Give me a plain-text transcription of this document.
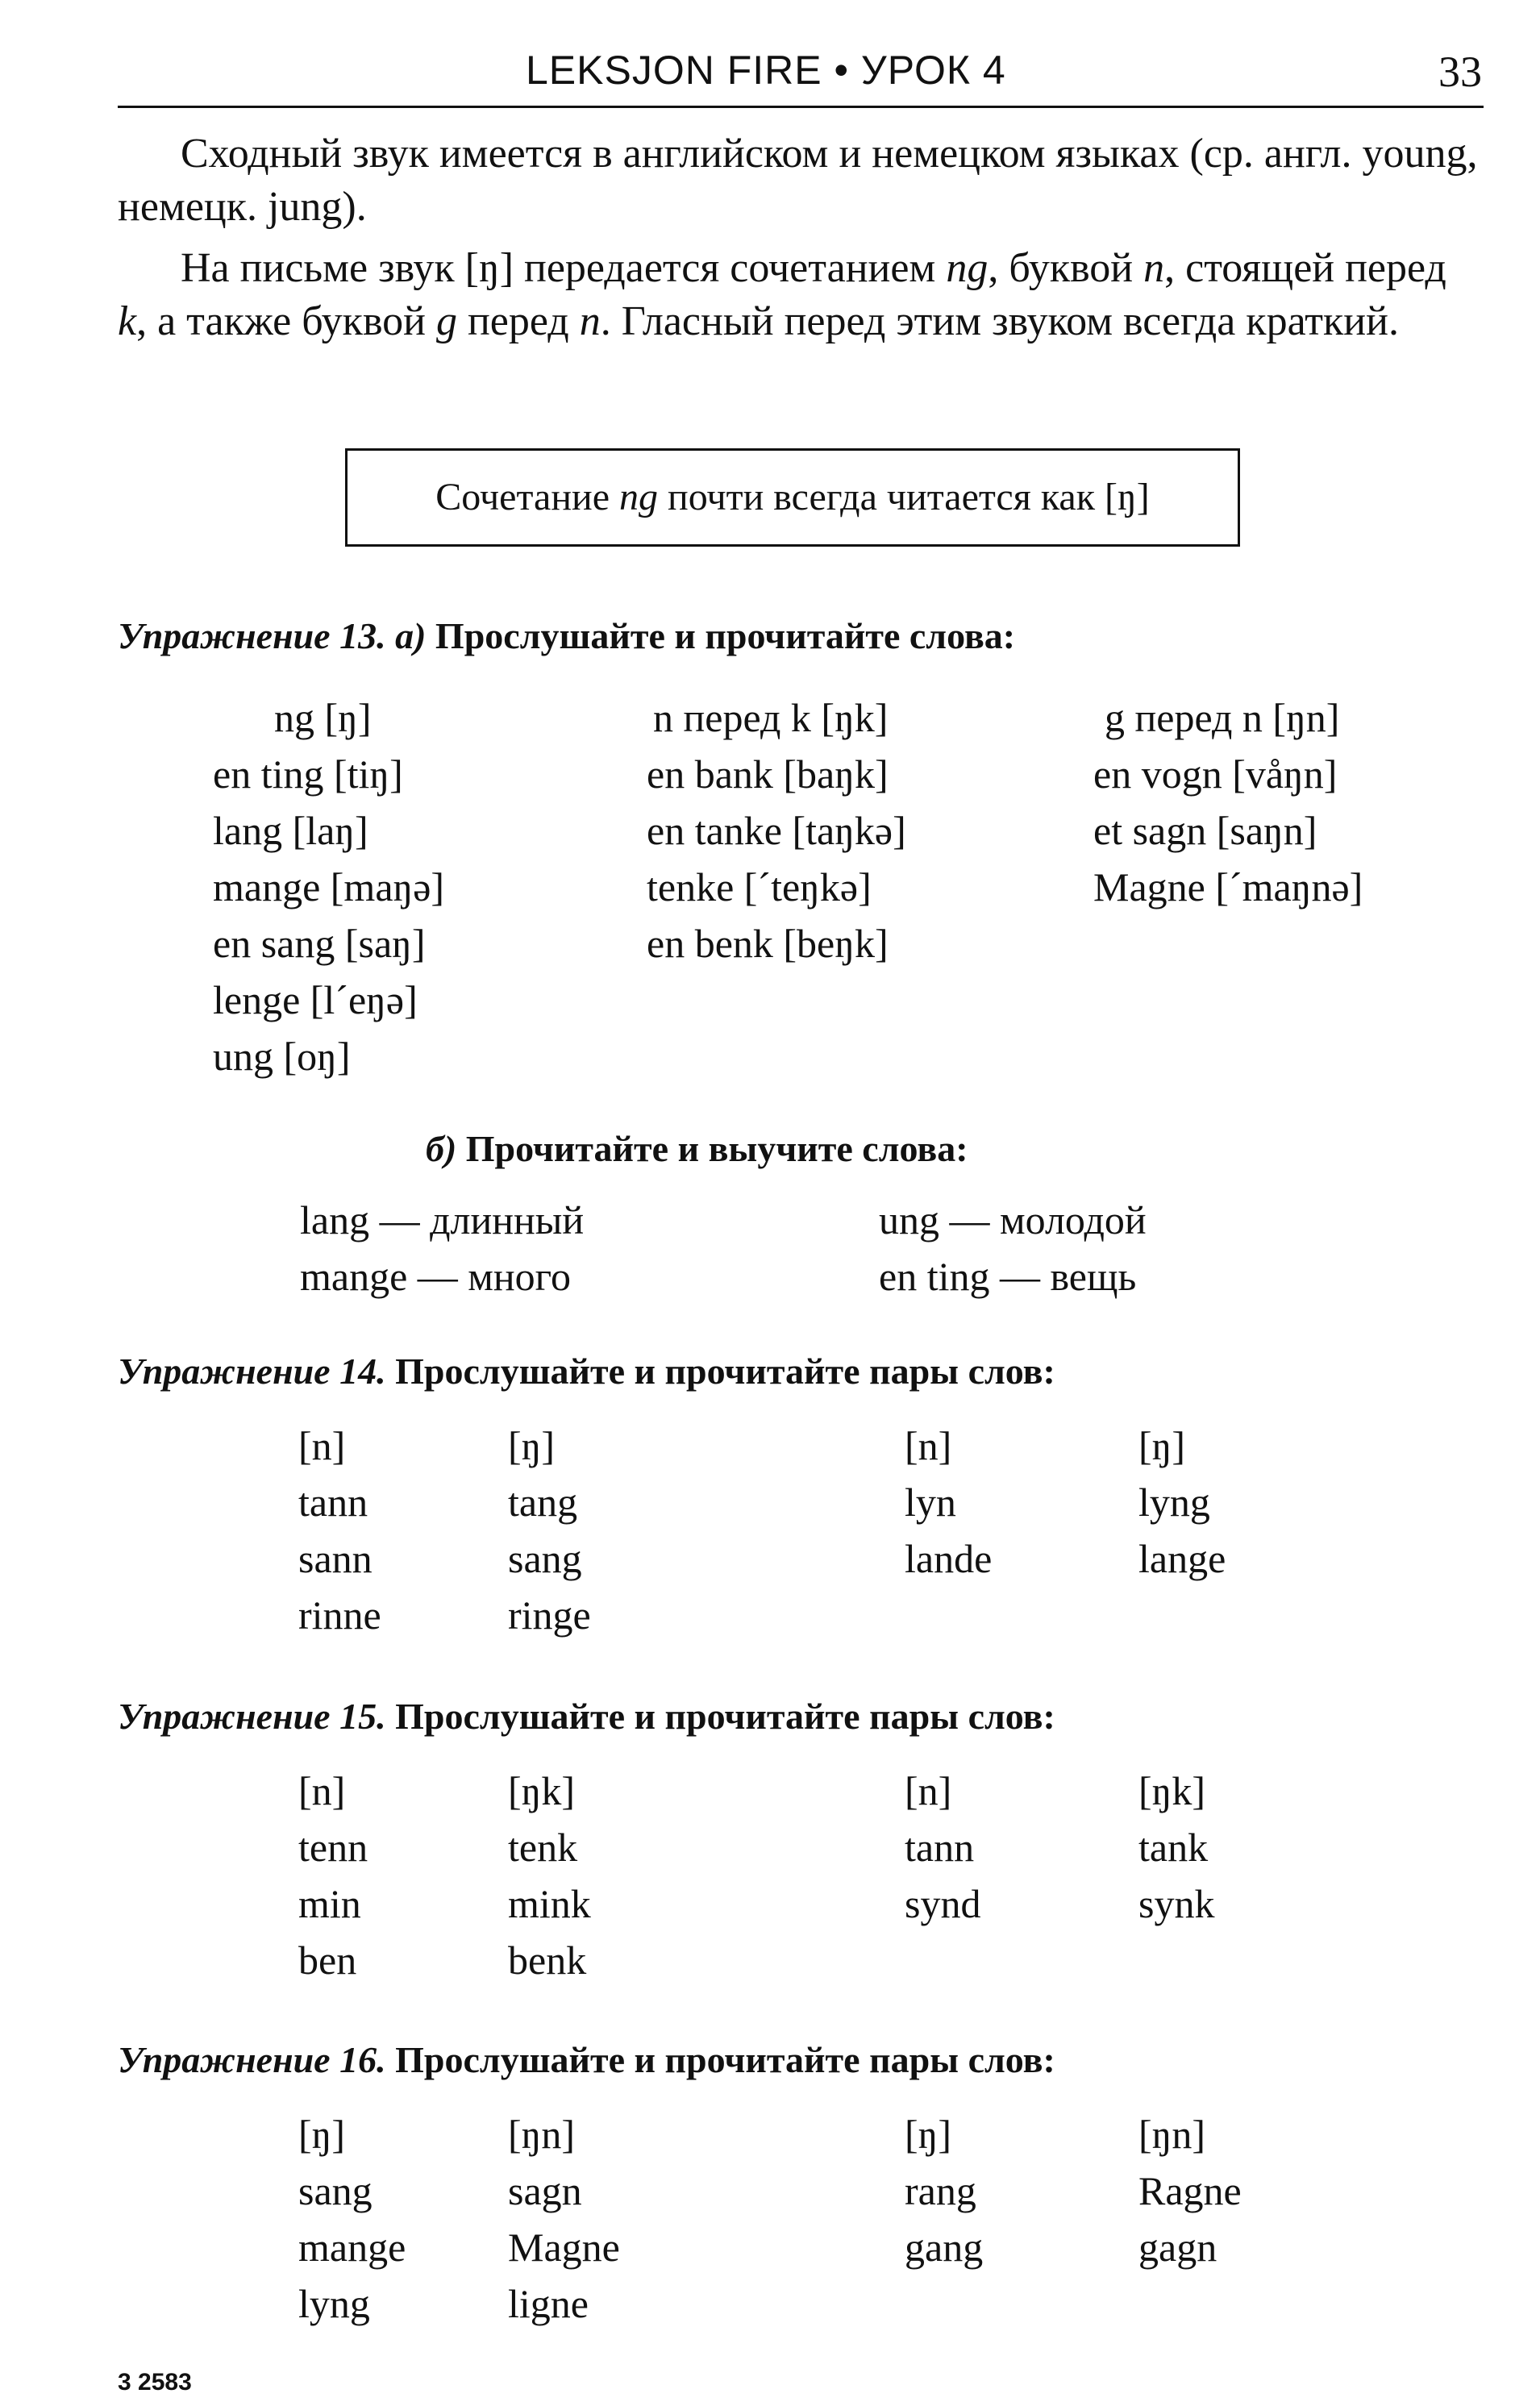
LEKSJON FIRE • УРОК 4	33
Сходный звук имеется в английском и немецком языках (ср. англ. young, немецк. jung).
На письме звук [ŋ] передается сочетанием ng, буквой n, стоящей перед k, а также буквой g перед n. Гласный перед этим звуком всегда краткий.
Сочетание ng почти всегда читается как [ŋ]
Упражнение 13. а) Прослушайте и прочитайте слова:
ng [ŋ]
en ting [tiŋ]
lang [laŋ]
mange [maŋə]
en sang [saŋ]
lenge [l´eŋə]
ung [oŋ]
n перед k [ŋk]
en bank [baŋk]
en tanke [taŋkə]
tenke [´teŋkə]
en benk [beŋk]
g перед n [ŋn]
en vogn [våŋn]
et sagn [saŋn]
Magne [´maŋnə]
б) Прочитайте и выучите слова:
lang — длинный
mange — много
ung — молодой
en ting — вещь
Упражнение 14. Прослушайте и прочитайте пары слов:
[n]
tann
sann
rinne
[ŋ]
tang
sang
ringe
[n]
lyn
lande
[ŋ]
lyng
lange
Упражнение 15. Прослушайте и прочитайте пары слов:
[n]
tenn
min
ben
[ŋk]
tenk
mink
benk
[n]
tann
synd
[ŋk]
tank
synk
Упражнение 16. Прослушайте и прочитайте пары слов:
[ŋ]
sang
mange
lyng
[ŋn]
sagn
Magne
ligne
[ŋ]
rang
gang
[ŋn]
Ragne
gagn
3 2583
